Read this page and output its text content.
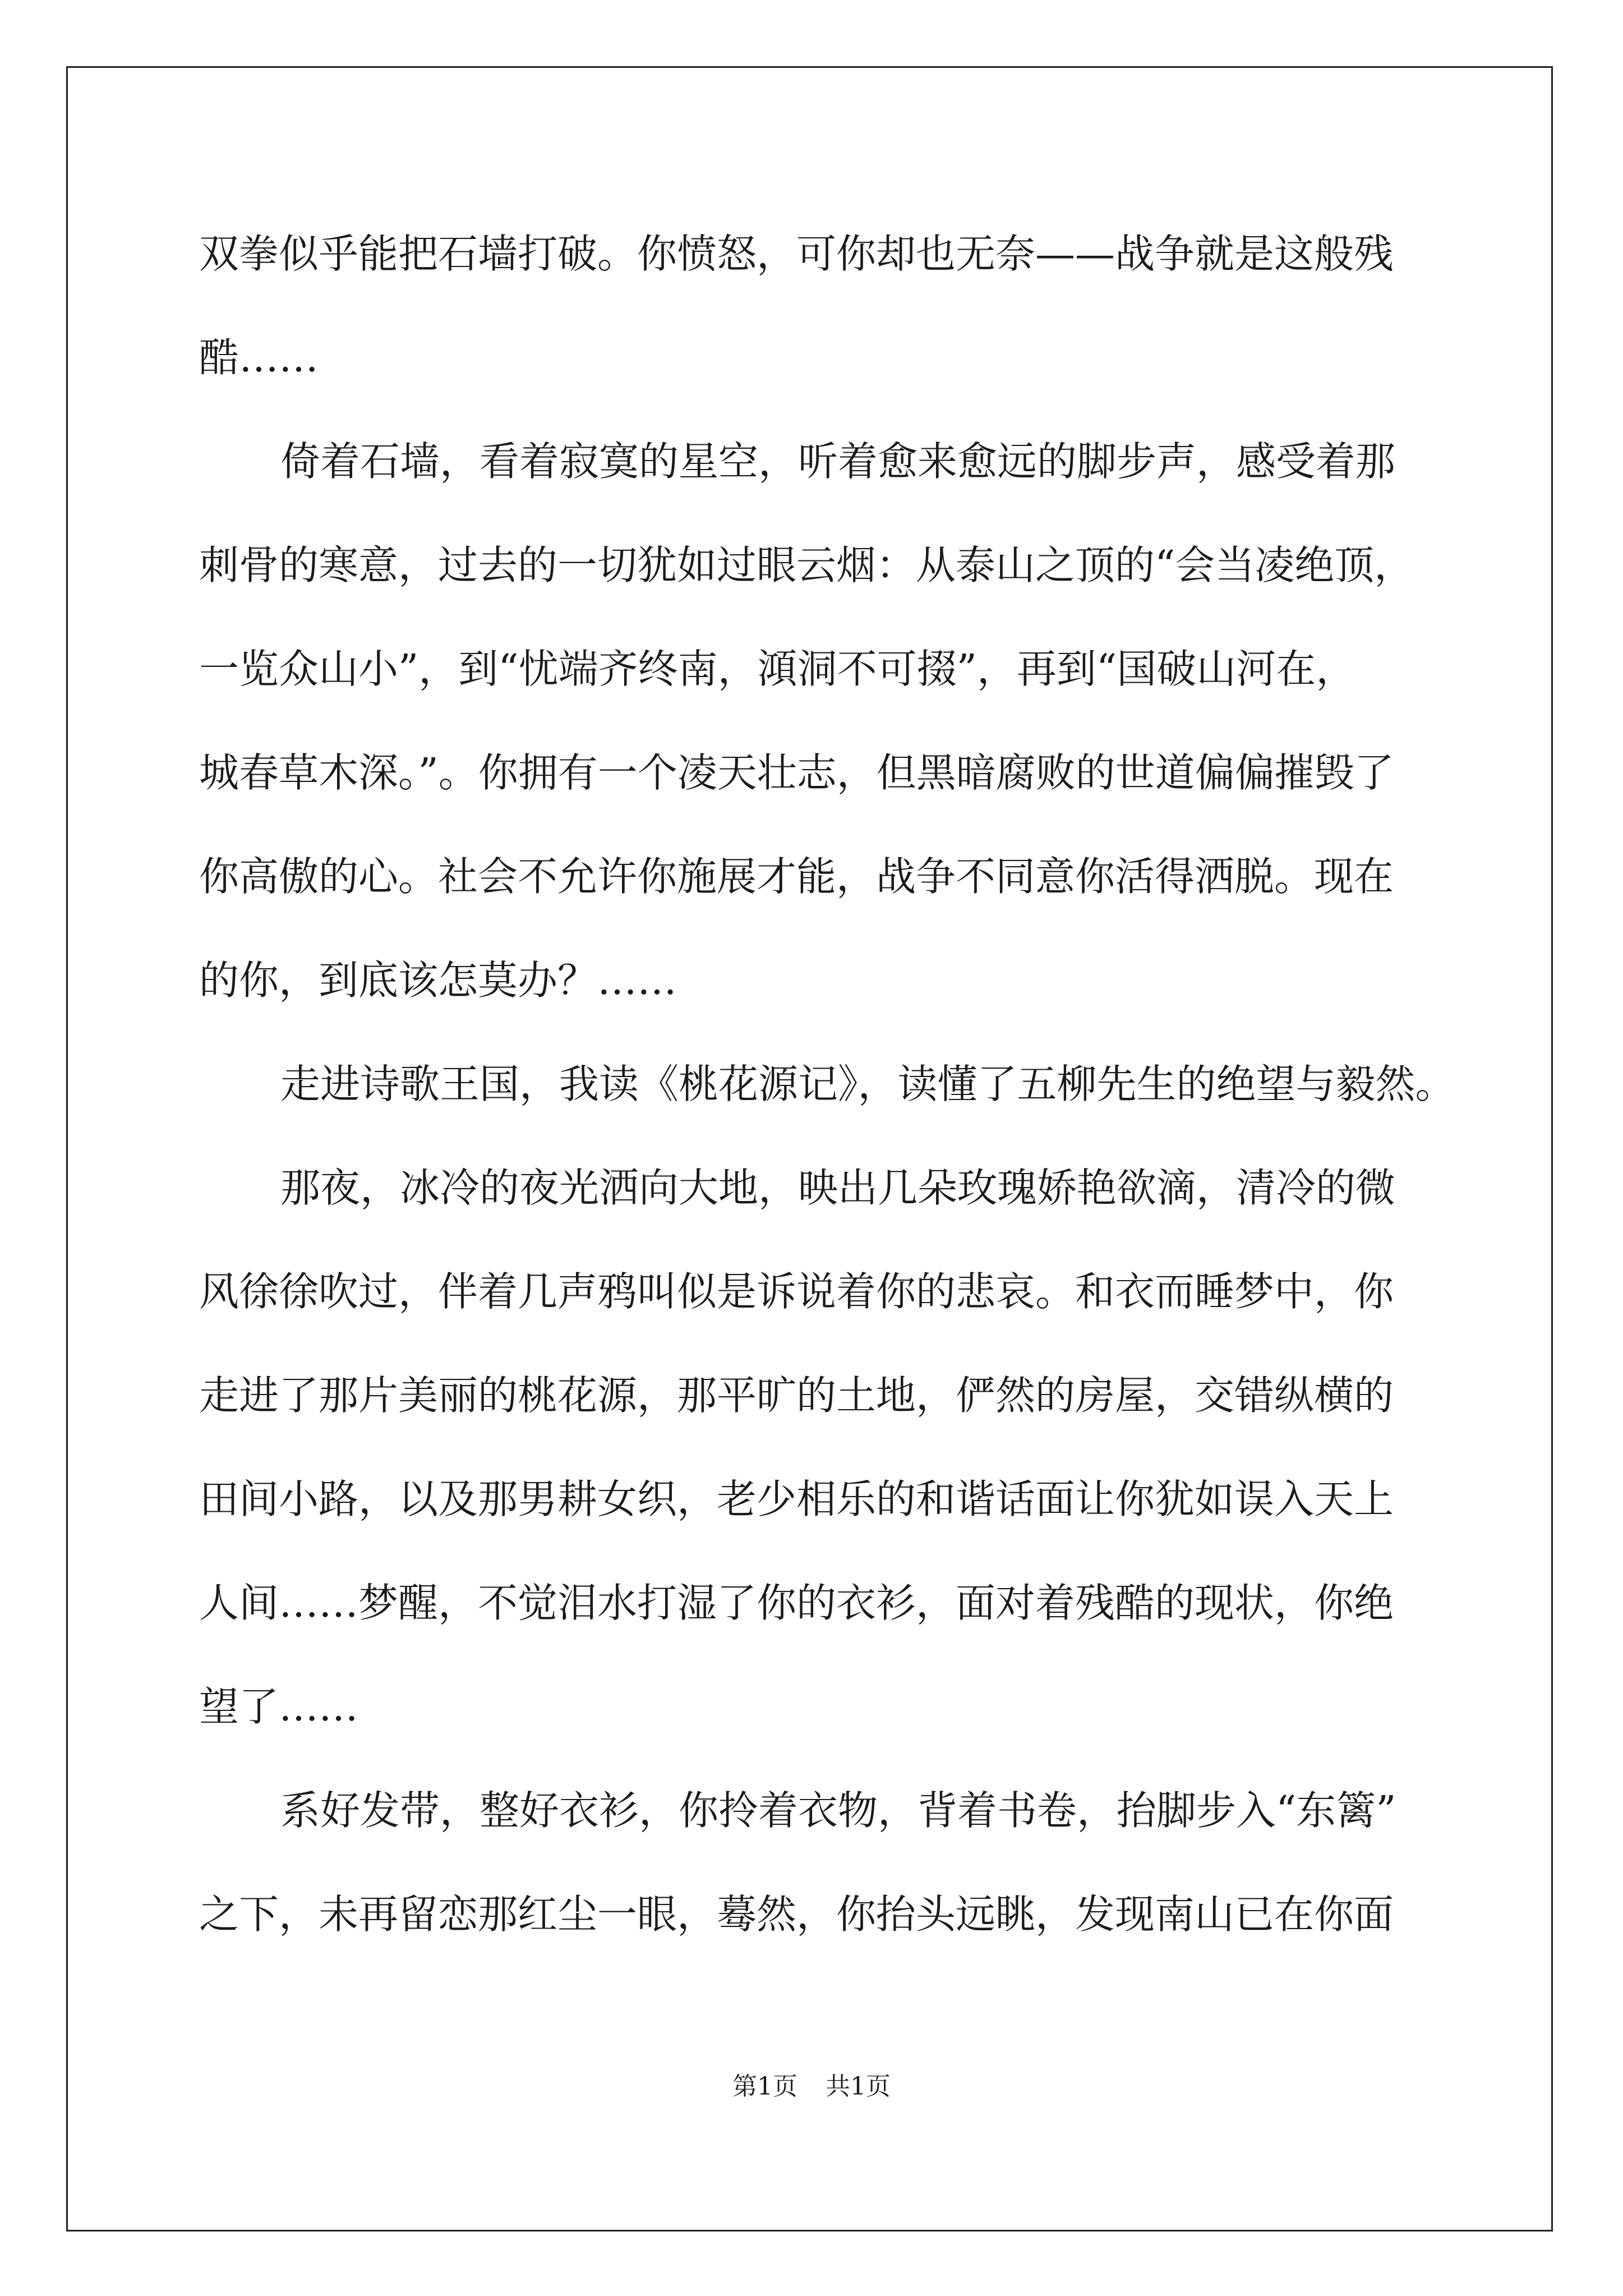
双拳似乎能把石墙打破。你愤怒，可你却也无奈——战争就是这般残
酷……
倚着石墙，看着寂寞的星空，听着愈来愈远的脚步声，感受着那
刺骨的寒意，过去的一切犹如过眼云烟：从泰山之顶的“会当凌绝顶，
一览众山小”，到“忧端齐终南，澒洞不可掇”，再到“国破山河在，
城春草木深。”。你拥有一个凌天壮志，但黑暗腐败的世道偏偏摧毁了
你高傲的心。社会不允许你施展才能，战争不同意你活得洒脱。现在
的你，到底该怎莫办？……
走进诗歌王国，我读《桃花源记》，读懂了五柳先生的绝望与毅然。
那夜，冰冷的夜光洒向大地，映出几朵玫瑰娇艳欲滴，清冷的微
风徐徐吹过，伴着几声鸦叫似是诉说着你的悲哀。和衣而睡梦中，你
走进了那片美丽的桃花源，那平旷的土地，俨然的房屋，交错纵横的
田间小路，以及那男耕女织，老少相乐的和谐话面让你犹如误入天上
人间……梦醒，不觉泪水打湿了你的衣衫，面对着残酷的现状，你绝
望了……
系好发带，整好衣衫，你拎着衣物，背着书卷，抬脚步入“东篱”
之下，未再留恋那红尘一眼，蓦然，你抬头远眺，发现南山已在你面
第1页 共1页
